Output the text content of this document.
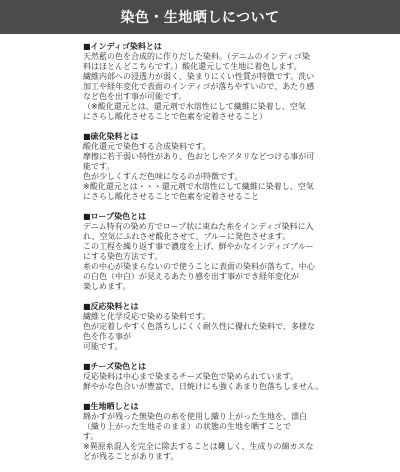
染色・生地晒しについて
■インディゴ染料とは
天然藍の色を合成的に作りだした染料。（デニムのインディゴ染
料はほとんどこちらです。）酸化還元して生地に着色します。
繊維内部への浸透力が弱く、染まりにくい性質が特徴です。洗い
加工や経年変化で表面のインディゴが落ちやすいので、あたり感
など色を出す事が可能です。
（※酸化還元とは、還元剤で水溶性にして繊維に染着し、空気
にさらし酸化させることで色素を定着させること）
■硫化染料とは
酸化還元で染色する合成染料です。
摩擦に若干弱い特性があり、色おとしやアタリなどつける事が可
能です。
色が少しくすんだ色味になるのが特徴です。
※酸化還元とは・・・還元剤で水溶性にして繊維に染着し、空気
にさらし酸化させることで色素を定着させること
■ロープ染色とは
デニム特有の染め方でロープ状に束ねた糸をインディゴ染料に入
れ、空気にふれさせ酸化させて、ブルーに発色させます。
この工程を繰り返す事で濃度を上げ、鮮やかなインディゴブルー
にする染色方法です。
糸の中心が染まらないので使うことに表面の染料が落ちて、中心
の白色（中白）が見えるあたり感を出す事ができ経年変化が
楽しめます。
■反応染料とは
繊維と化学反応で染める染料です。
色が定着しやすく色落ちしにくく耐久性に優れた染料で、多様な
色を作る事が
可能です。
■チーズ染色とは
反応染料は中心まで染まるチーズ染色で染められています。
鮮やかな色合いが豊富で、日焼けにも強くあまり色落ちしません。
■生地晒しとは
綿かすが残った無染色の糸を使用し織り上がった生地を、漂白
（織り上がった生地そのまま）の状態の生地を晒すことで
す。
※異原糸混入を完全に除去することは難しく、生成りの綿カスな
どが残ることがあります。
